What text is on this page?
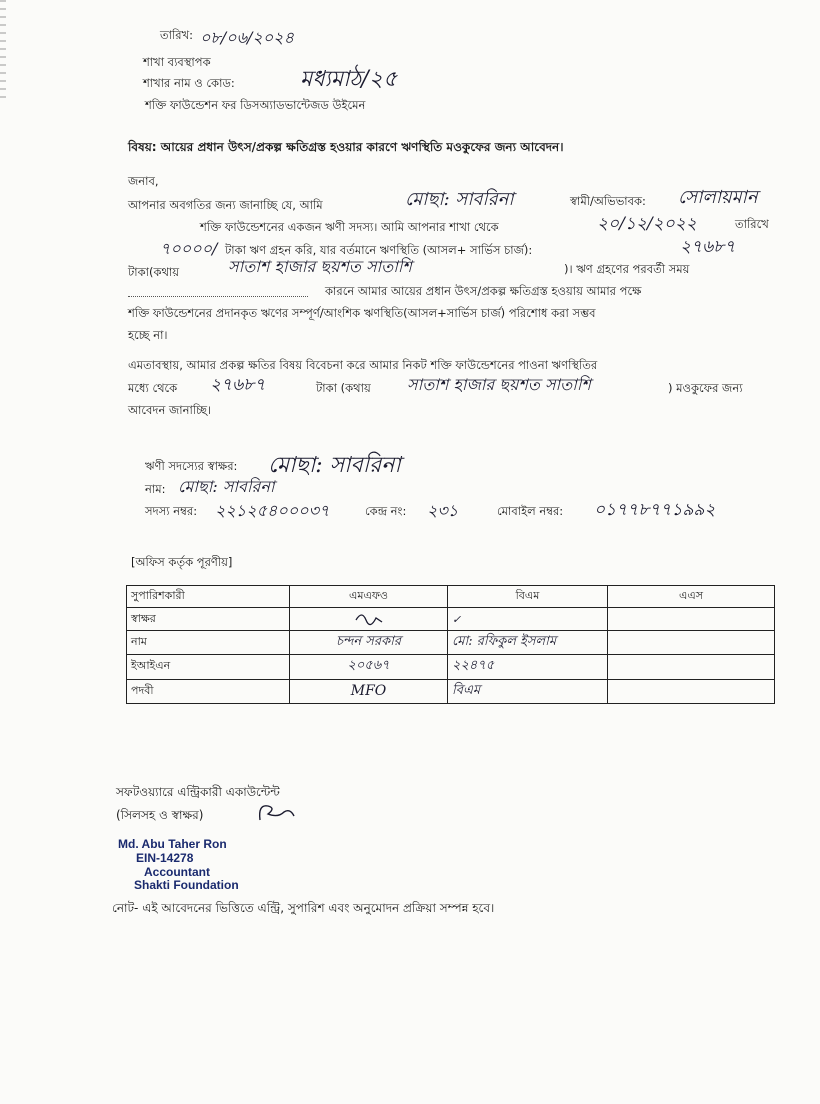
তারিখ: ০৮/০৬/২০২৪
শাখা ব্যবস্থাপক
শাখার নাম ও কোড:	মধ্যমাঠ/২৫
শক্তি ফাউন্ডেশন ফর ডিসঅ্যাডভান্টেজড উইমেন
বিষয়: আয়ের প্রধান উৎস/প্রকল্প ক্ষতিগ্রস্ত হওয়ার কারণে ঋণস্থিতি মওকুফের জন্য আবেদন।
জনাব,
আপনার অবগতির জন্য জানাচ্ছি যে, আমি	মোছা: সাবরিনা	স্বামী/অভিভাবক: সোলায়মান
শক্তি ফাউন্ডেশনের একজন ঋণী সদস্য। আমি আপনার শাখা থেকে	২০/১২/২০২২	তারিখে
৭০০০০/ টাকা ঋণ গ্রহন করি, যার বর্তমানে ঋণস্থিতি (আসল+ সার্ভিস চার্জ):	২৭৬৮৭
টাকা(কথায়	সাতাশ হাজার ছয়শত সাতাশি	)। ঋণ গ্রহণের পরবর্তী সময়
কারনে আমার আয়ের প্রধান উৎস/প্রকল্প ক্ষতিগ্রস্ত হওয়ায় আমার পক্ষে
শক্তি ফাউন্ডেশনের প্রদানকৃত ঋণের সম্পূর্ণ/আংশিক ঋণস্থিতি(আসল+সার্ভিস চার্জ) পরিশোধ করা সম্ভব
হচ্ছে না।
এমতাবস্থায়, আমার প্রকল্প ক্ষতির বিষয় বিবেচনা করে আমার নিকট শক্তি ফাউন্ডেশনের পাওনা ঋণস্থিতির
মধ্যে থেকে ২৭৬৮৭	টাকা (কথায় সাতাশ হাজার ছয়শত সাতাশি	) মওকুফের জন্য
আবেদন জানাচ্ছি।
ঋণী সদস্যের স্বাক্ষর: মোছা: সাবরিনা
নাম: মোছা: সাবরিনা
সদস্য নম্বর: ২২১২৫৪০০০৩৭	কেন্দ্র নং: ২৩১	মোবাইল নম্বর: ০১৭৭৮৭৭১৯৯২
[অফিস কর্তৃক পূরণীয়]
সুপারিশকারী	এমএফও	বিএম	এএস
স্বাক্ষর		✓	
নাম	চন্দন সরকার	মো: রফিকুল ইসলাম	
ইআইএন	২০৫৬৭	২২৪৭৫	
পদবী	MFO	বিএম	
সফটওয়্যারে এন্ট্রিকারী একাউন্টেন্ট
(সিলসহ ও স্বাক্ষর)
Md. Abu Taher Ron
EIN-14278
Accountant
Shakti Foundation
নোট- এই আবেদনের ভিত্তিতে এন্ট্রি, সুপারিশ এবং অনুমোদন প্রক্রিয়া সম্পন্ন হবে।
